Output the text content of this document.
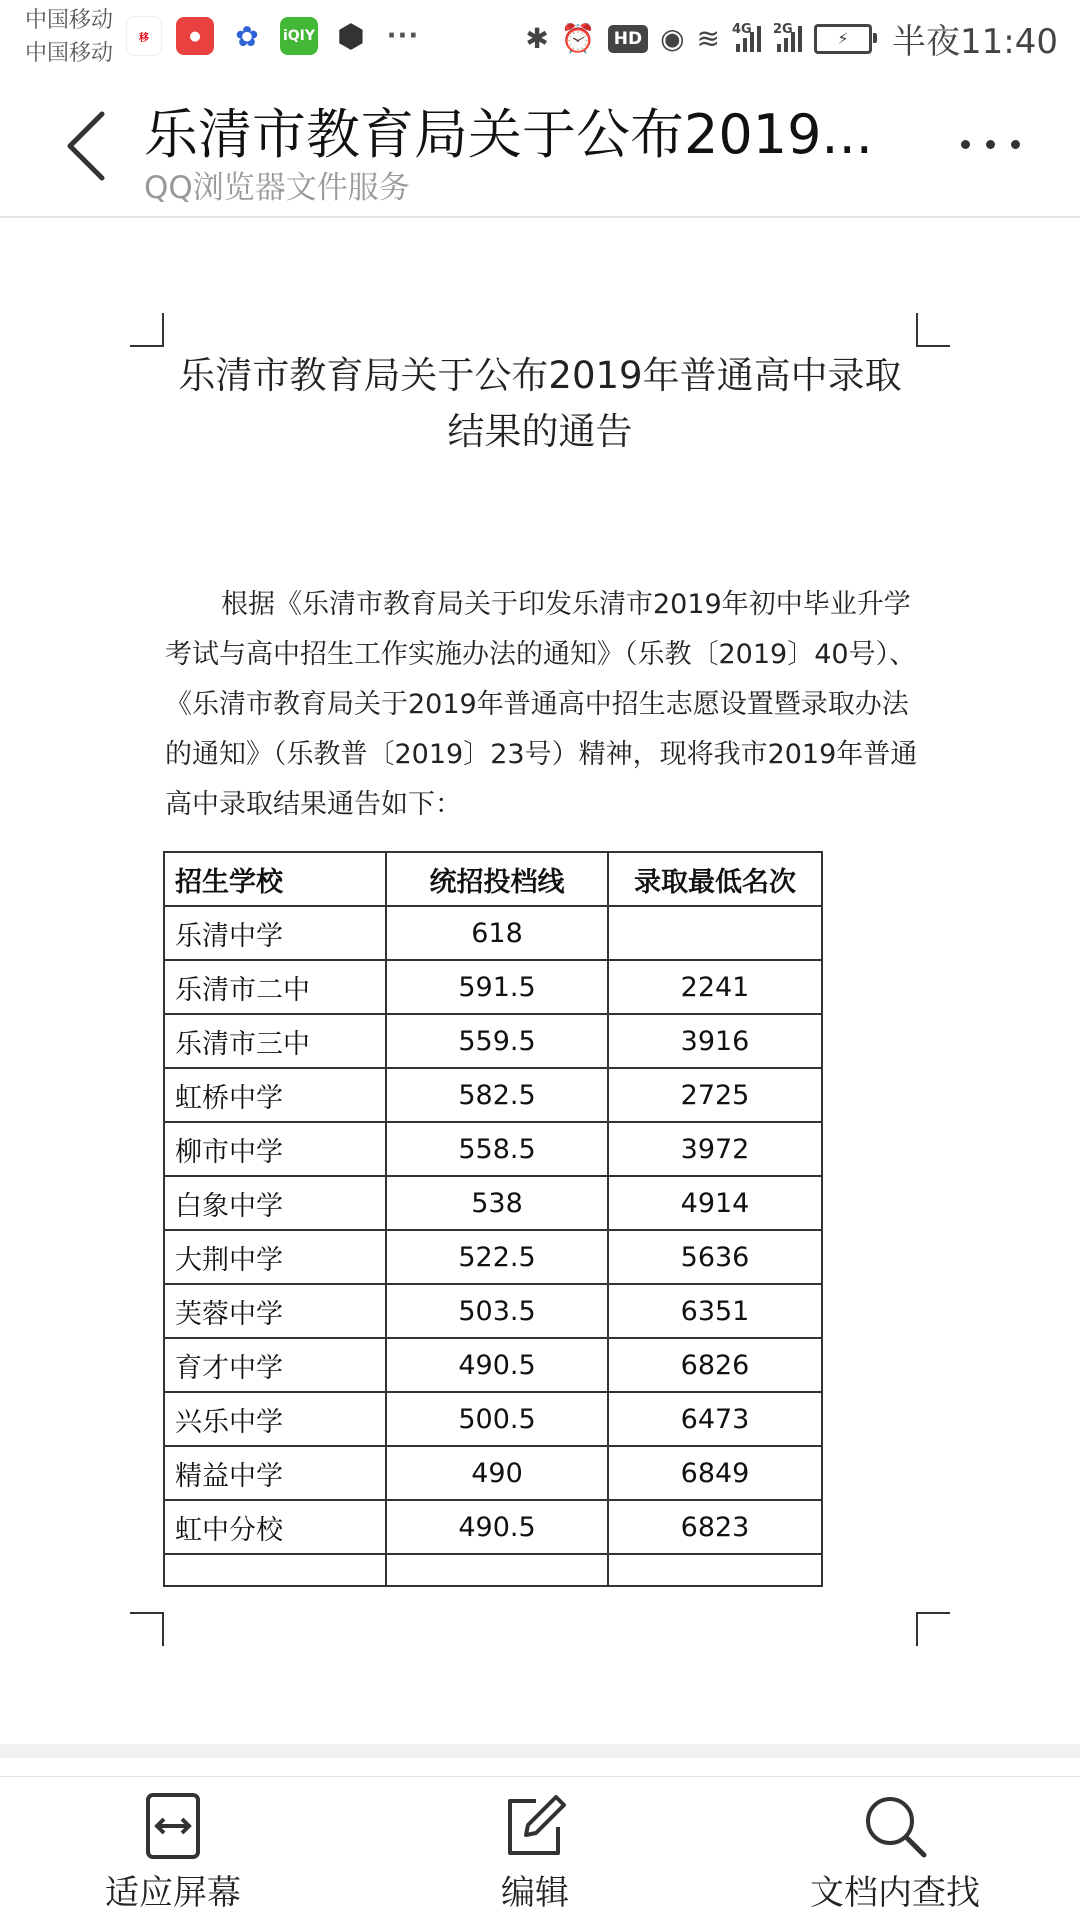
中国移动
中国移动
移	●	✿	iQIY ⬢ ···	✱ ⏰	HD ◉ ≋ 4G 2G	⚡	半夜11:40
乐清市教育局关于公布2019...
QQ浏览器文件服务
乐清市教育局关于公布2019年普通高中录取结果的通告
根据《乐清市教育局关于印发乐清市2019年初中毕业升学考试与高中招生工作实施办法的通知》（乐教〔2019〕40号）、《乐清市教育局关于2019年普通高中招生志愿设置暨录取办法的通知》（乐教普〔2019〕23号）精神，现将我市2019年普通高中录取结果通告如下：
招生学校	统招投档线	录取最低名次
乐清中学	618	
乐清市二中	591.5	2241
乐清市三中	559.5	3916
虹桥中学	582.5	2725
柳市中学	558.5	3972
白象中学	538	4914
大荆中学	522.5	5636
芙蓉中学	503.5	6351
育才中学	490.5	6826
兴乐中学	500.5	6473
精益中学	490	6849
虹中分校	490.5	6823

适应屏幕	编辑	文档内查找
